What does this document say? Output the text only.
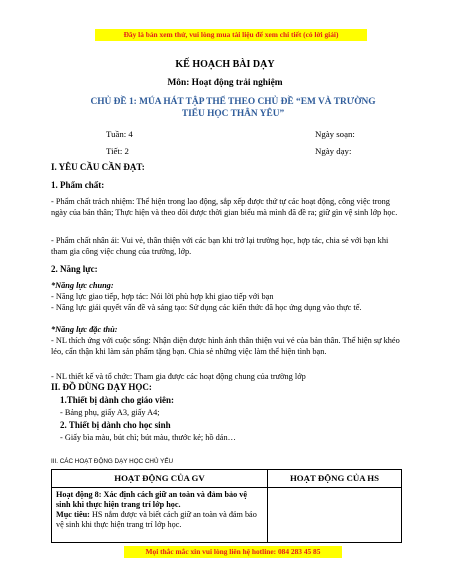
Đây là bản xem thử, vui lòng mua tài liệu để xem chi tiết (có lời giải)
KẾ HOẠCH BÀI DẠY
Môn: Hoạt động trải nghiệm
CHỦ ĐỀ 1: MÚA HÁT TẬP THỂ THEO CHỦ ĐỀ “EM VÀ TRƯỜNG TIỂU HỌC THÂN YÊU”
Tuần: 4	Ngày soạn:
Tiết: 2	Ngày dạy:
I. YÊU CẦU CẦN ĐẠT:
1. Phẩm chất:
- Phẩm chất trách nhiệm: Thể hiện trong lao động, sắp xếp được thứ tự các hoạt động, công việc trong ngày của bản thân; Thực hiện và theo dõi được thời gian biểu mà mình đã đề ra; giữ gìn vệ sinh lớp học.
- Phẩm chất nhân ái: Vui vẻ, thân thiện với các bạn khi trở lại trường học, hợp tác, chia sẻ với bạn khi tham gia công việc chung của trường, lớp.
2. Năng lực:
*Năng lực chung:
- Năng lực giao tiếp, hợp tác: Nói lời phù hợp khi giao tiếp với bạn
- Năng lực giải quyết vấn đề và sáng tạo: Sử dụng các kiến thức đã học ứng dụng vào thực tế.
*Năng lực đặc thù:
- NL thích ứng với cuộc sống: Nhận diện được hình ảnh thân thiện vui vẻ của bản thân. Thể hiện sự khéo léo, cẩn thận khi làm sản phẩm tặng bạn. Chia sẻ những việc làm thể hiện tình bạn.
- NL thiết kế và tổ chức: Tham gia được các hoạt động chung của trường lớp
II. ĐỒ DÙNG DẠY HỌC:
1.Thiết bị dành cho giáo viên:
- Bảng phụ, giấy A3, giấy A4;
2. Thiết bị dành cho học sinh
- Giấy bìa màu, bút chì; bút màu, thước kẻ; hồ dán…
III. CÁC HOẠT ĐỘNG DẠY HỌC CHỦ YẾU
HOẠT ĐỘNG CỦA GV	HOẠT ĐỘNG CỦA HS

Hoạt động 8: Xác định cách giữ an toàn và đảm bảo vệ sinh khi thực hiện trang trí lớp học.
Mục tiêu: HS nắm được và biết cách giữ an toàn và đảm bảo vệ sinh khi thực hiện trang trí lớp học.	

Mọi thắc mắc xin vui lòng liên hệ hotline: 084 283 45 85
